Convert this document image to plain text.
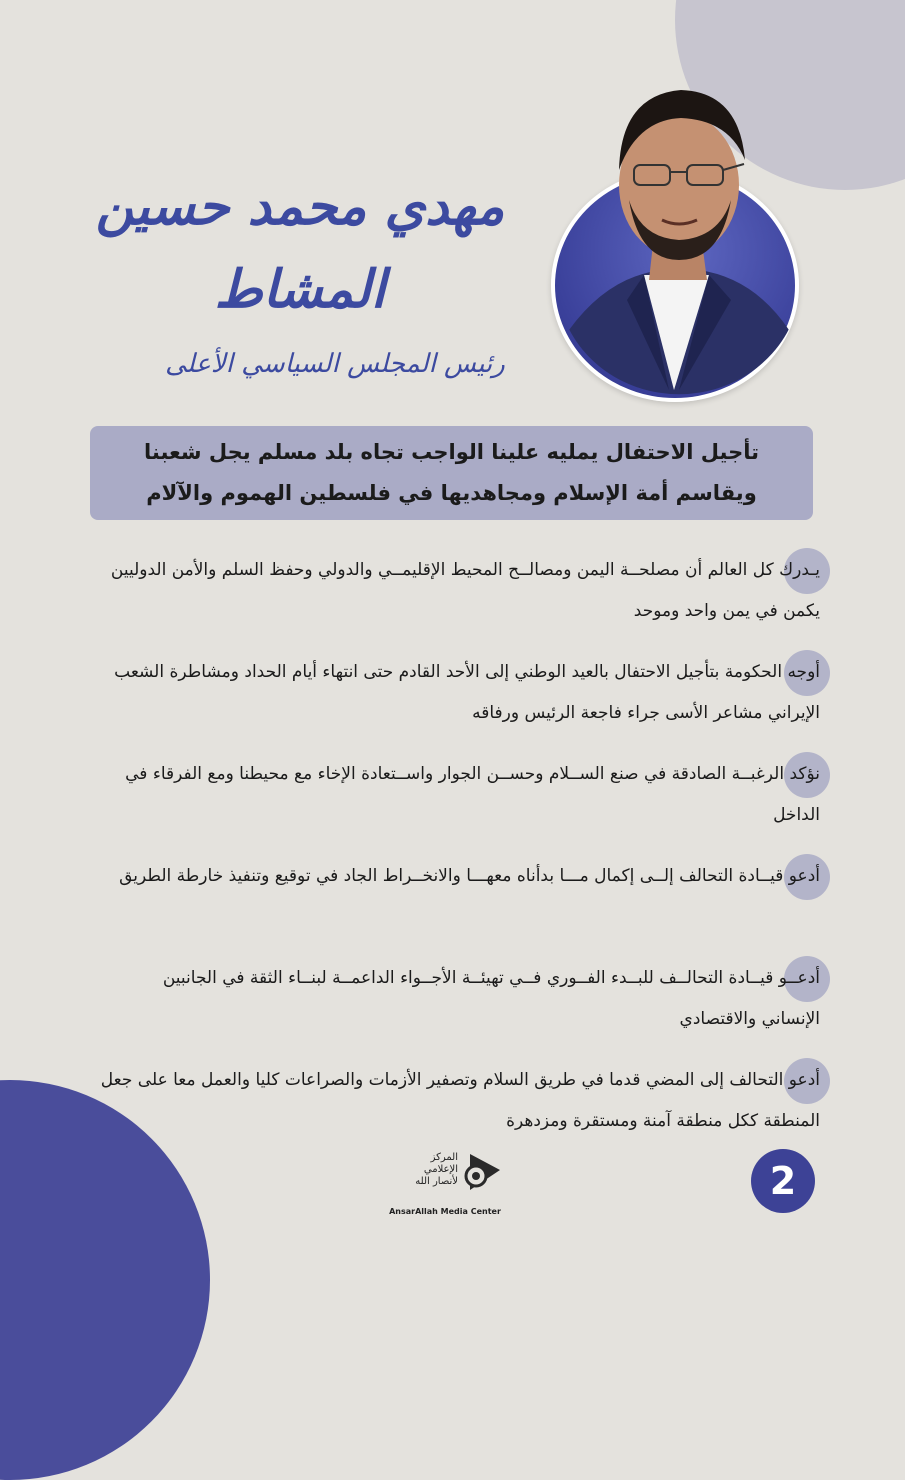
مهدي محمد حسين المشاط
رئيس المجلس السياسي الأعلى
تأجيل الاحتفال يمليه علينا الواجب تجاه بلد مسلم يجل شعبنا
ويقاسم أمة الإسلام ومجاهديها في فلسطين الهموم والآلام
يـدرك كل العالم أن مصلحــة اليمن ومصالــح المحيط الإقليمــي والدولي وحفظ السلم والأمن الدوليين يكمن في يمن واحد وموحد
أوجه الحكومة بتأجيل الاحتفال بالعيد الوطني إلى الأحد القادم حتى انتهاء أيام الحداد ومشاطرة الشعب الإيراني مشاعر الأسى جراء فاجعة الرئيس ورفاقه
نؤكد الرغبــة الصادقة في صنع الســلام وحســن الجوار واســتعادة الإخاء مع محيطنا ومع الفرقاء في الداخل
أدعو قيــادة التحالف إلــى إكمال مـــا بدأناه معهـــا والانخــراط الجاد في توقيع وتنفيذ خارطة الطريق
أدعــو قيــادة التحالــف للبــدء الفــوري فــي تهيئــة الأجــواء الداعمــة لبنــاء الثقة في الجانبين الإنساني والاقتصادي
أدعو التحالف إلى المضي قدما في طريق السلام وتصفير الأزمات والصراعات كليا والعمل معا على جعل المنطقة ككل منطقة آمنة ومستقرة ومزدهرة
المركز
الإعلامي
لأنصار الله
AnsarAllah Media Center
2
